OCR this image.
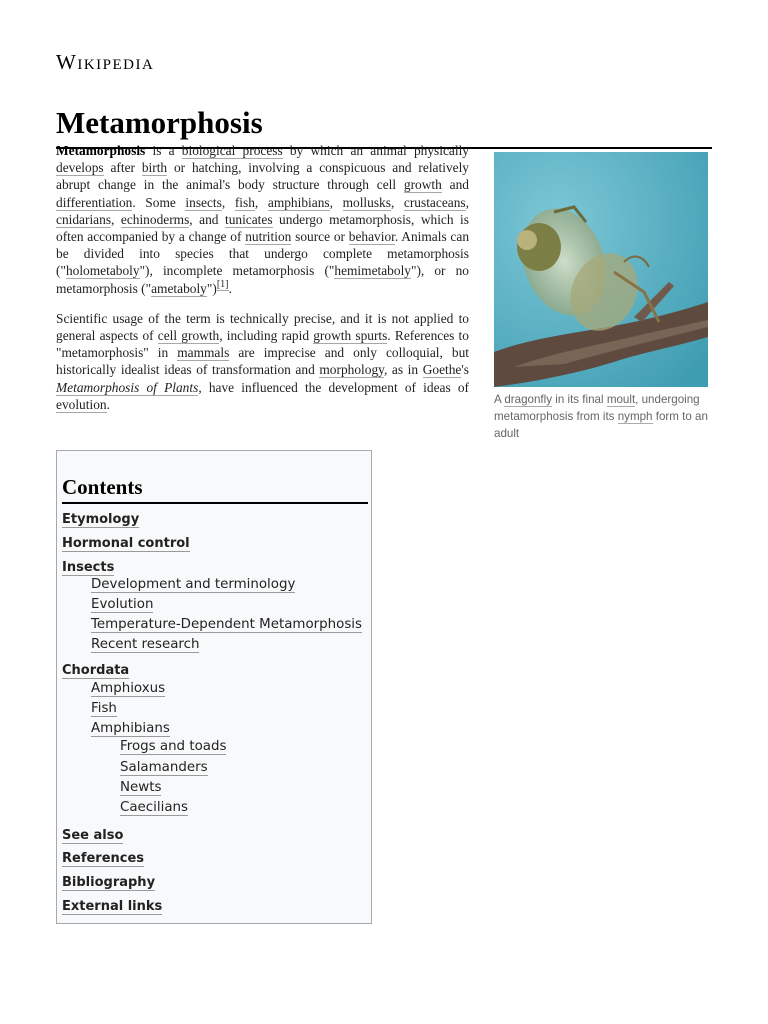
Wikipedia
Metamorphosis

Metamorphosis is a biological process by which an animal physically develops after birth or hatching, involving a conspicuous and relatively abrupt change in the animal's body structure through cell growth and differentiation. Some insects, fish, amphibians, mollusks, crustaceans, cnidarians, echinoderms, and tunicates undergo metamorphosis, which is often accompanied by a change of nutrition source or behavior. Animals can be divided into species that undergo complete metamorphosis ("holometaboly"), incomplete metamorphosis ("hemimetaboly"), or no metamorphosis ("ametaboly")[1].

Scientific usage of the term is technically precise, and it is not applied to general aspects of cell growth, including rapid growth spurts. References to "metamorphosis" in mammals are imprecise and only colloquial, but historically idealist ideas of transformation and morphology, as in Goethe's Metamorphosis of Plants, have influenced the development of ideas of evolution.	A dragonfly in its final moult, undergoing metamorphosis from its nymph form to an adult
Contents
Etymology
Hormonal control
Insects
Development and terminology
Evolution
Temperature-Dependent Metamorphosis
Recent research
Chordata
Amphioxus
Fish
Amphibians
Frogs and toads
Salamanders
Newts
Caecilians
See also
References
Bibliography
External links
